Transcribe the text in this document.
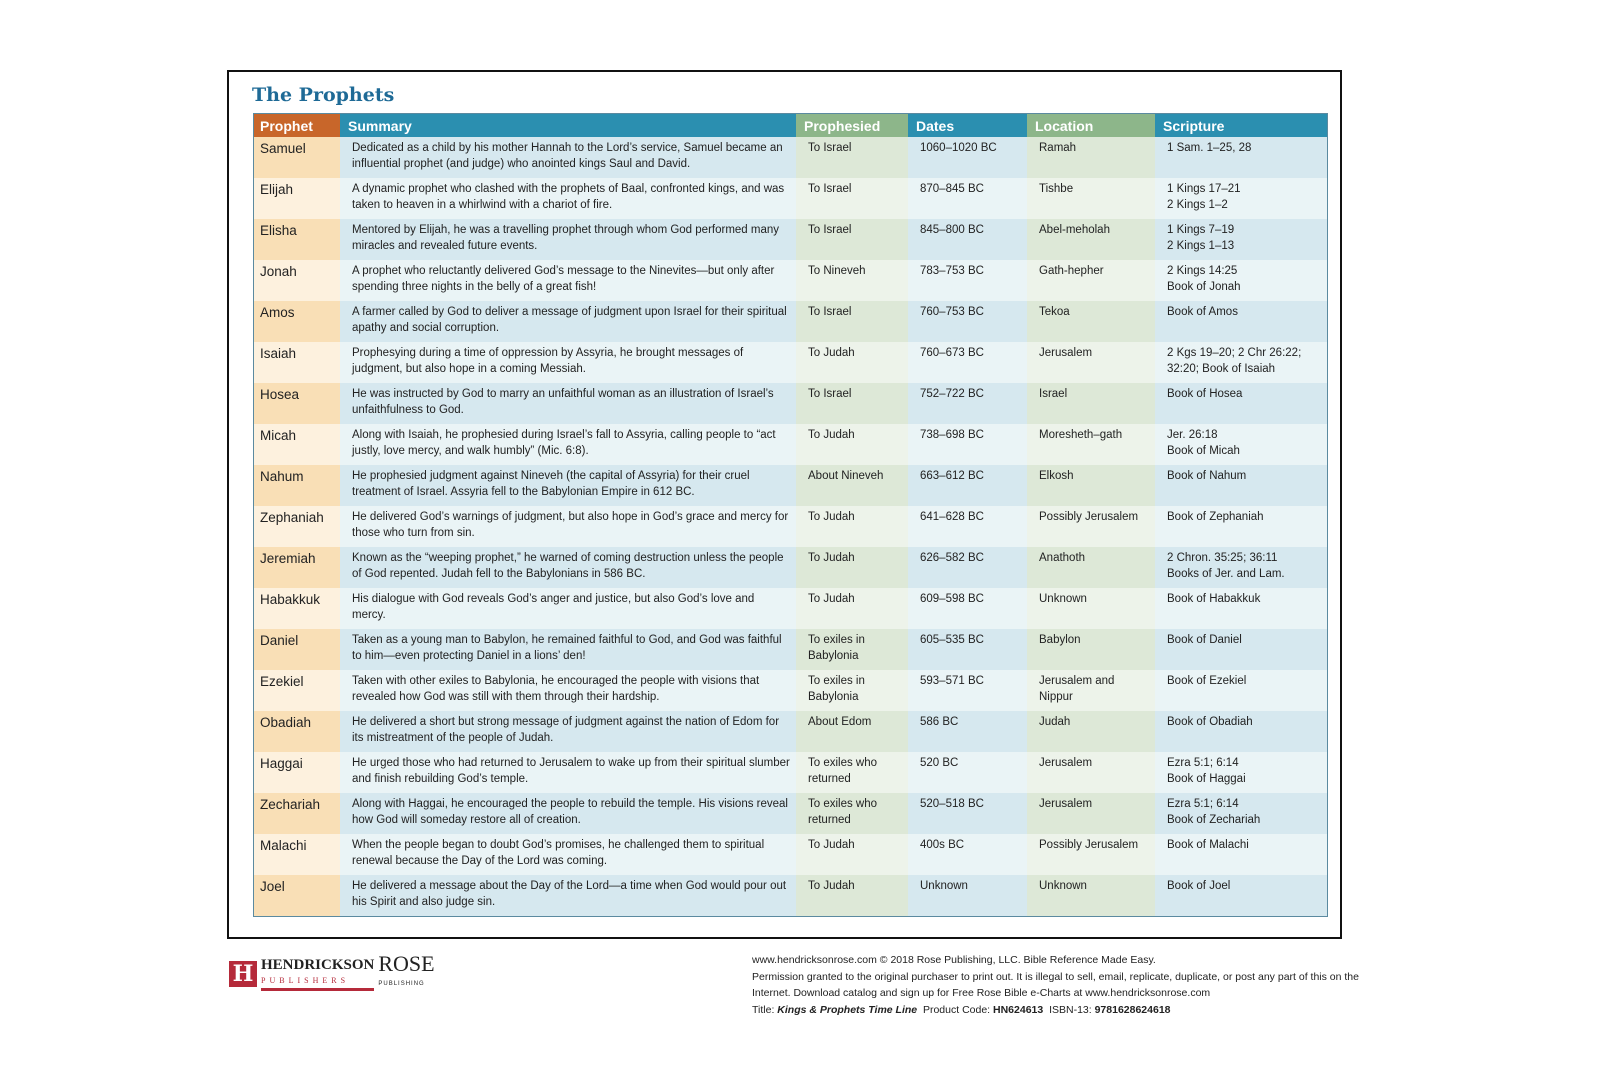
The Prophets
Prophet	Summary	Prophesied	Dates	Location	Scripture
Samuel	Dedicated as a child by his mother Hannah to the Lord’s service, Samuel became an influential prophet (and judge) who anointed kings Saul and David.	To Israel	1060–1020 BC	Ramah	1 Sam. 1–25, 28
Elijah	A dynamic prophet who clashed with the prophets of Baal, confronted kings, and was taken to heaven in a whirlwind with a chariot of fire.	To Israel	870–845 BC	Tishbe	1 Kings 17–21
2 Kings 1–2
Elisha	Mentored by Elijah, he was a travelling prophet through whom God performed many miracles and revealed future events.	To Israel	845–800 BC	Abel-meholah	1 Kings 7–19
2 Kings 1–13
Jonah	A prophet who reluctantly delivered God’s message to the Ninevites—but only after spending three nights in the belly of a great fish!	To Nineveh	783–753 BC	Gath-hepher	2 Kings 14:25
Book of Jonah
Amos	A farmer called by God to deliver a message of judgment upon Israel for their spiritual apathy and social corruption.	To Israel	760–753 BC	Tekoa	Book of Amos
Isaiah	Prophesying during a time of oppression by Assyria, he brought messages of judgment, but also hope in a coming Messiah.	To Judah	760–673 BC	Jerusalem	2 Kgs 19–20; 2 Chr 26:22; 32:20; Book of Isaiah
Hosea	He was instructed by God to marry an unfaithful woman as an illustration of Israel’s unfaithfulness to God.	To Israel	752–722 BC	Israel	Book of Hosea
Micah	Along with Isaiah, he prophesied during Israel’s fall to Assyria, calling people to “act justly, love mercy, and walk humbly” (Mic. 6:8).	To Judah	738–698 BC	Moresheth–gath	Jer. 26:18
Book of Micah
Nahum	He prophesied judgment against Nineveh (the capital of Assyria) for their cruel treatment of Israel. Assyria fell to the Babylonian Empire in 612 BC.	About Nineveh	663–612 BC	Elkosh	Book of Nahum
Zephaniah	He delivered God’s warnings of judgment, but also hope in God’s grace and mercy for those who turn from sin.	To Judah	641–628 BC	Possibly Jerusalem	Book of Zephaniah
Jeremiah	Known as the “weeping prophet,” he warned of coming destruction unless the people of God repented. Judah fell to the Babylonians in 586 BC.	To Judah	626–582 BC	Anathoth	2 Chron. 35:25; 36:11
Books of Jer. and Lam.
Habakkuk	His dialogue with God reveals God’s anger and justice, but also God’s love and mercy.	To Judah	609–598 BC	Unknown	Book of Habakkuk
Daniel	Taken as a young man to Babylon, he remained faithful to God, and God was faithful to him—even protecting Daniel in a lions’ den!	To exiles in Babylonia	605–535 BC	Babylon	Book of Daniel
Ezekiel	Taken with other exiles to Babylonia, he encouraged the people with visions that revealed how God was still with them through their hardship.	To exiles in Babylonia	593–571 BC	Jerusalem and Nippur	Book of Ezekiel
Obadiah	He delivered a short but strong message of judgment against the nation of Edom for its mistreatment of the people of Judah.	About Edom	586 BC	Judah	Book of Obadiah
Haggai	He urged those who had returned to Jerusalem to wake up from their spiritual slumber and finish rebuilding God’s temple.	To exiles who returned	520 BC	Jerusalem	Ezra 5:1; 6:14
Book of Haggai
Zechariah	Along with Haggai, he encouraged the people to rebuild the temple. His visions reveal how God will someday restore all of creation.	To exiles who returned	520–518 BC	Jerusalem	Ezra 5:1; 6:14
Book of Zechariah
Malachi	When the people began to doubt God’s promises, he challenged them to spiritual renewal because the Day of the Lord was coming.	To Judah	400s BC	Possibly Jerusalem	Book of Malachi
Joel	He delivered a message about the Day of the Lord—a time when God would pour out his Spirit and also judge sin.	To Judah	Unknown	Unknown	Book of Joel
H HENDRICKSON
PUBLISHERS
ROSE
PUBLISHING
www.hendricksonrose.com © 2018 Rose Publishing, LLC. Bible Reference Made Easy.
Permission granted to the original purchaser to print out. It is illegal to sell, email, replicate, duplicate, or post any part of this on the
Internet. Download catalog and sign up for Free Rose Bible e-Charts at www.hendricksonrose.com
Title: Kings & Prophets Time Line Product Code: HN624613 ISBN-13: 9781628624618
